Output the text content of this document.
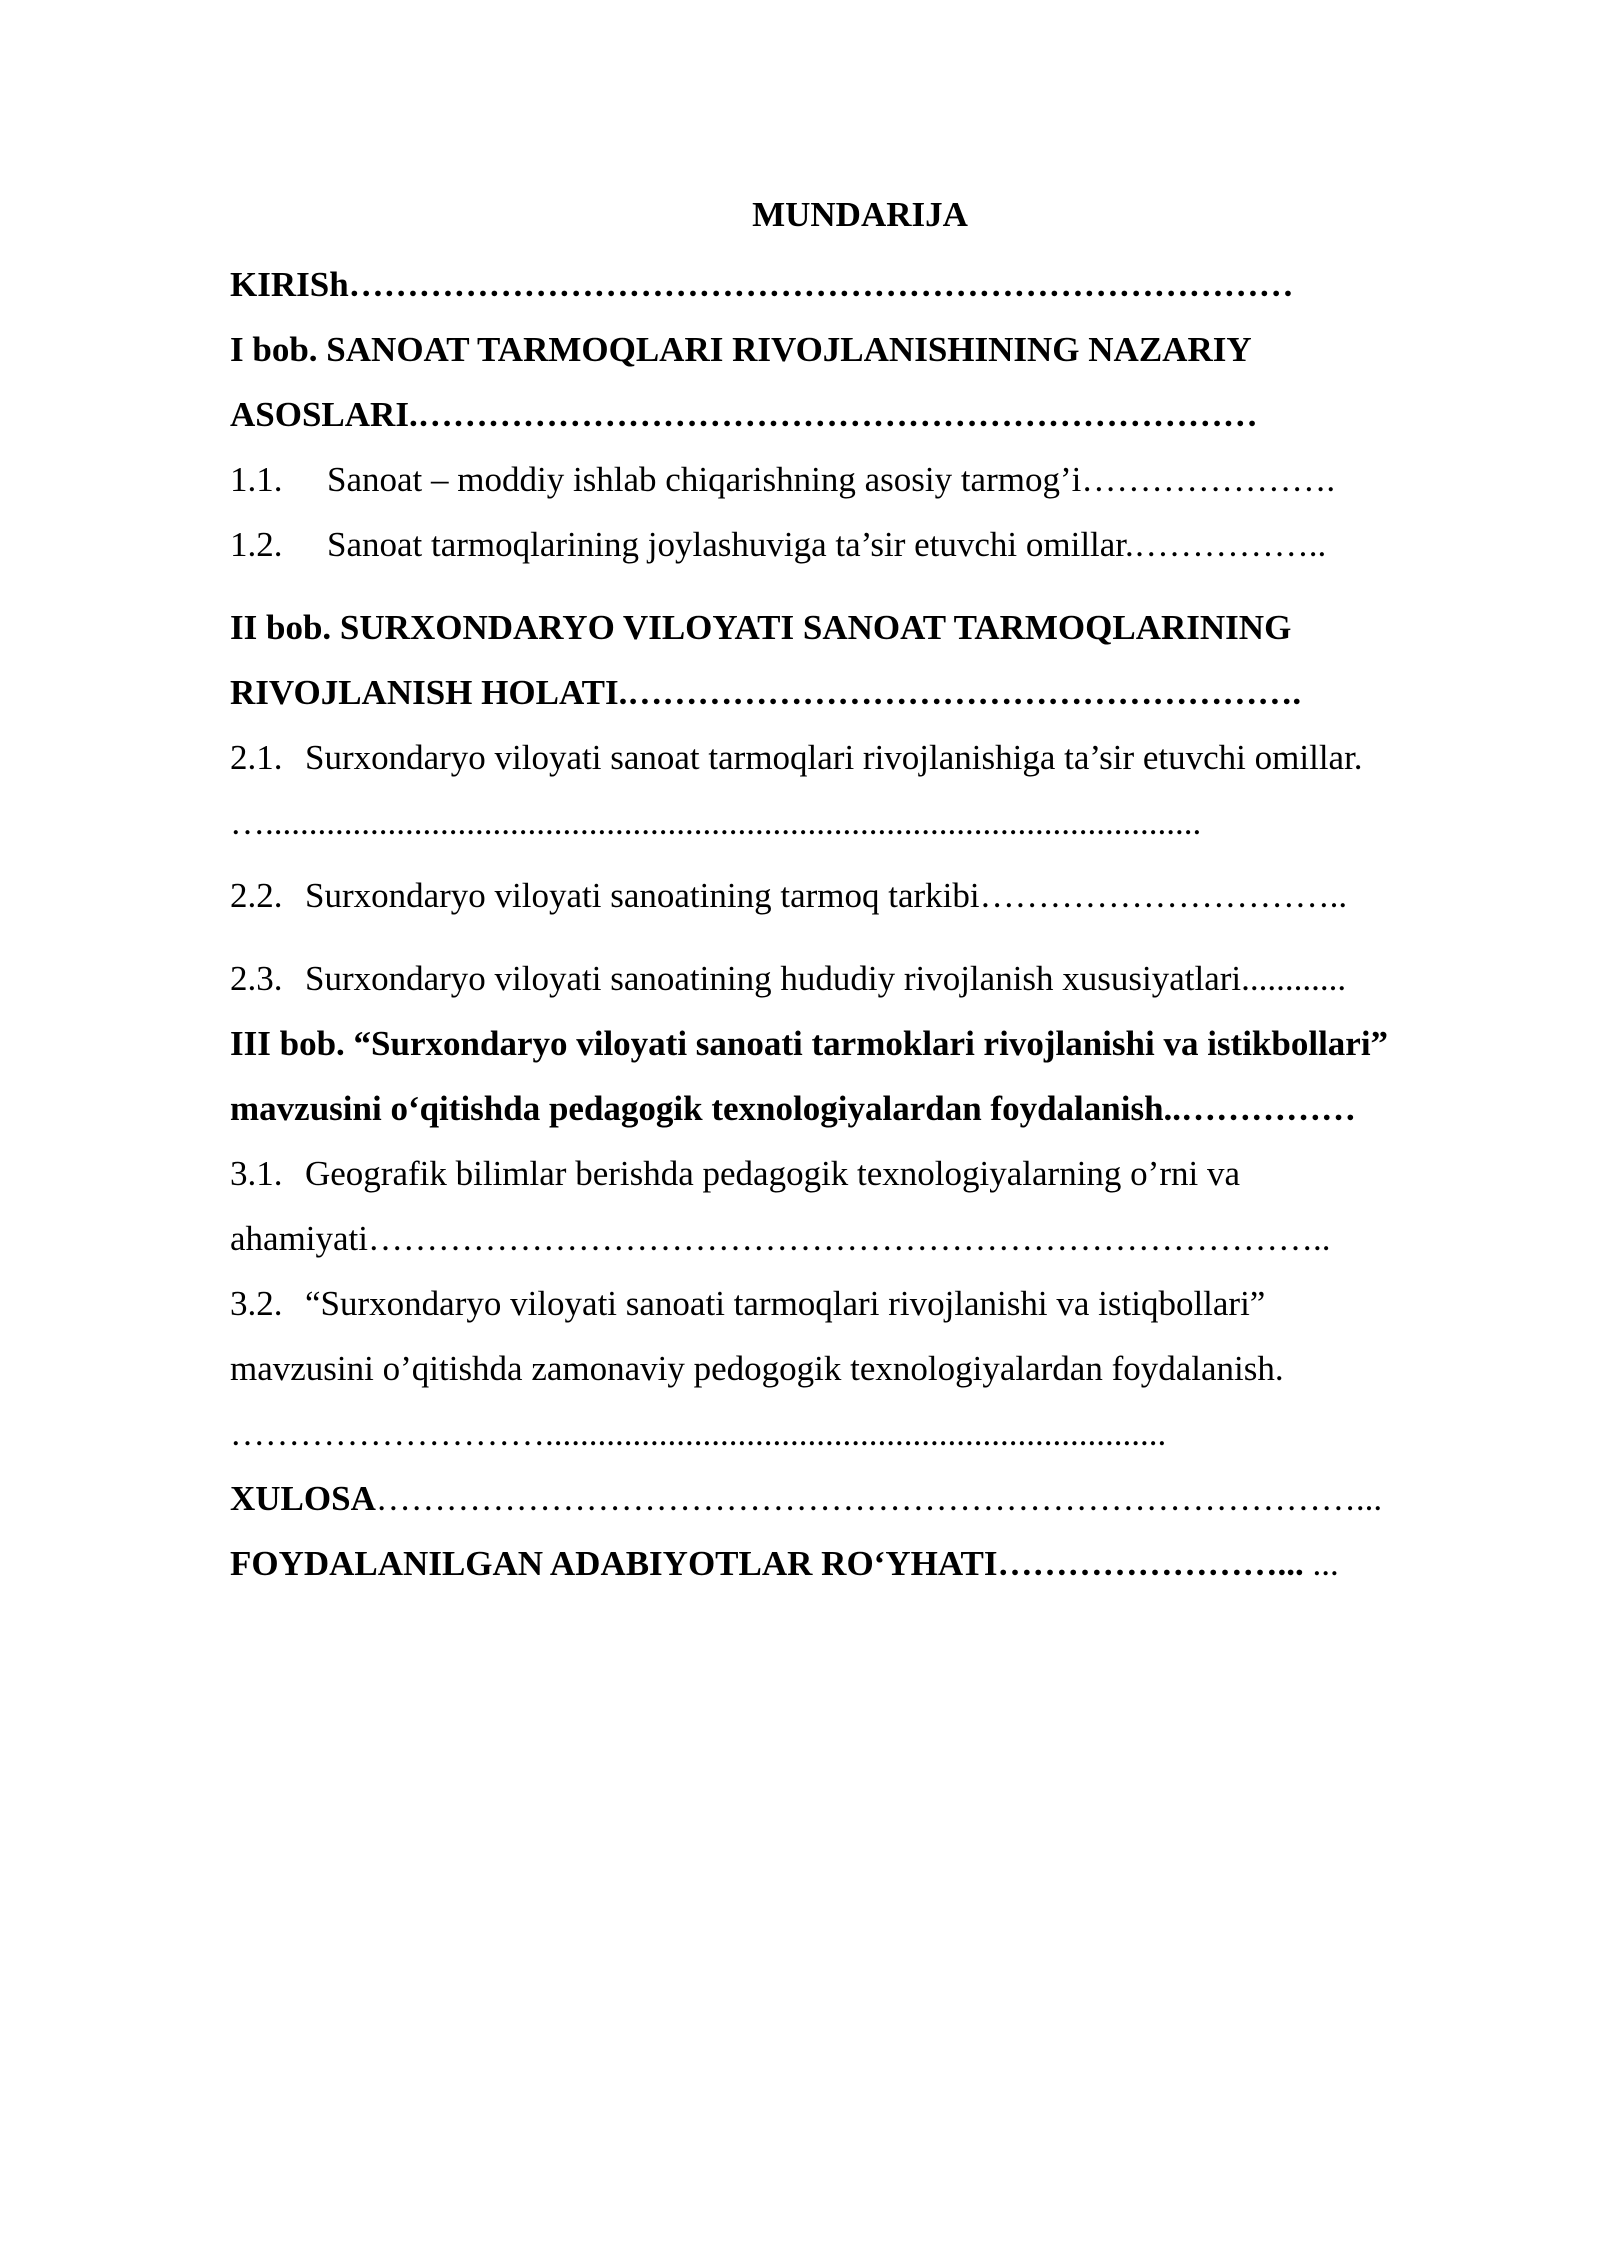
MUNDARIJA
KIRISh………………………………………………………………………
I bob. SANOAT TARMOQLARI RIVOJLANISHINING NAZARIY
ASOSLARI.………………………………………………………………
1.1. Sanoat – moddiy ishlab chiqarishning asosiy tarmog’i………………….
1.2. Sanoat tarmoqlarining joylashuviga ta’sir etuvchi omillar.……………..
II bob. SURXONDARYO VILOYATI SANOAT TARMOQLARINING
RIVOJLANISH HOLATI.………………………………………………….
2.1. Surxondaryo viloyati sanoat tarmoqlari rivojlanishiga ta’sir etuvchi omillar.
…...........................................................................................................
2.2. Surxondaryo viloyati sanoatining tarmoq tarkibi…………………………..
2.3. Surxondaryo viloyati sanoatining hududiy rivojlanish xususiyatlari............
III bob. “Surxondaryo viloyati sanoati tarmoklari rivojlanishi va istikbollari”
mavzusini o‘qitishda pedagogik texnologiyalardan foydalanish..……………
3.1. Geografik bilimlar berishda pedagogik texnologiyalarning o’rni va
ahamiyati………………………………………………………………………..
3.2. “Surxondaryo viloyati sanoati tarmoqlari rivojlanishi va istiqbollari”
mavzusini o’qitishda zamonaviy pedogogik texnologiyalardan foydalanish.
……………………….......................................................................
XULOSA…………………………………………………………………………...
FOYDALANILGAN ADABIYOTLAR RO‘YHATI……………………... ...
